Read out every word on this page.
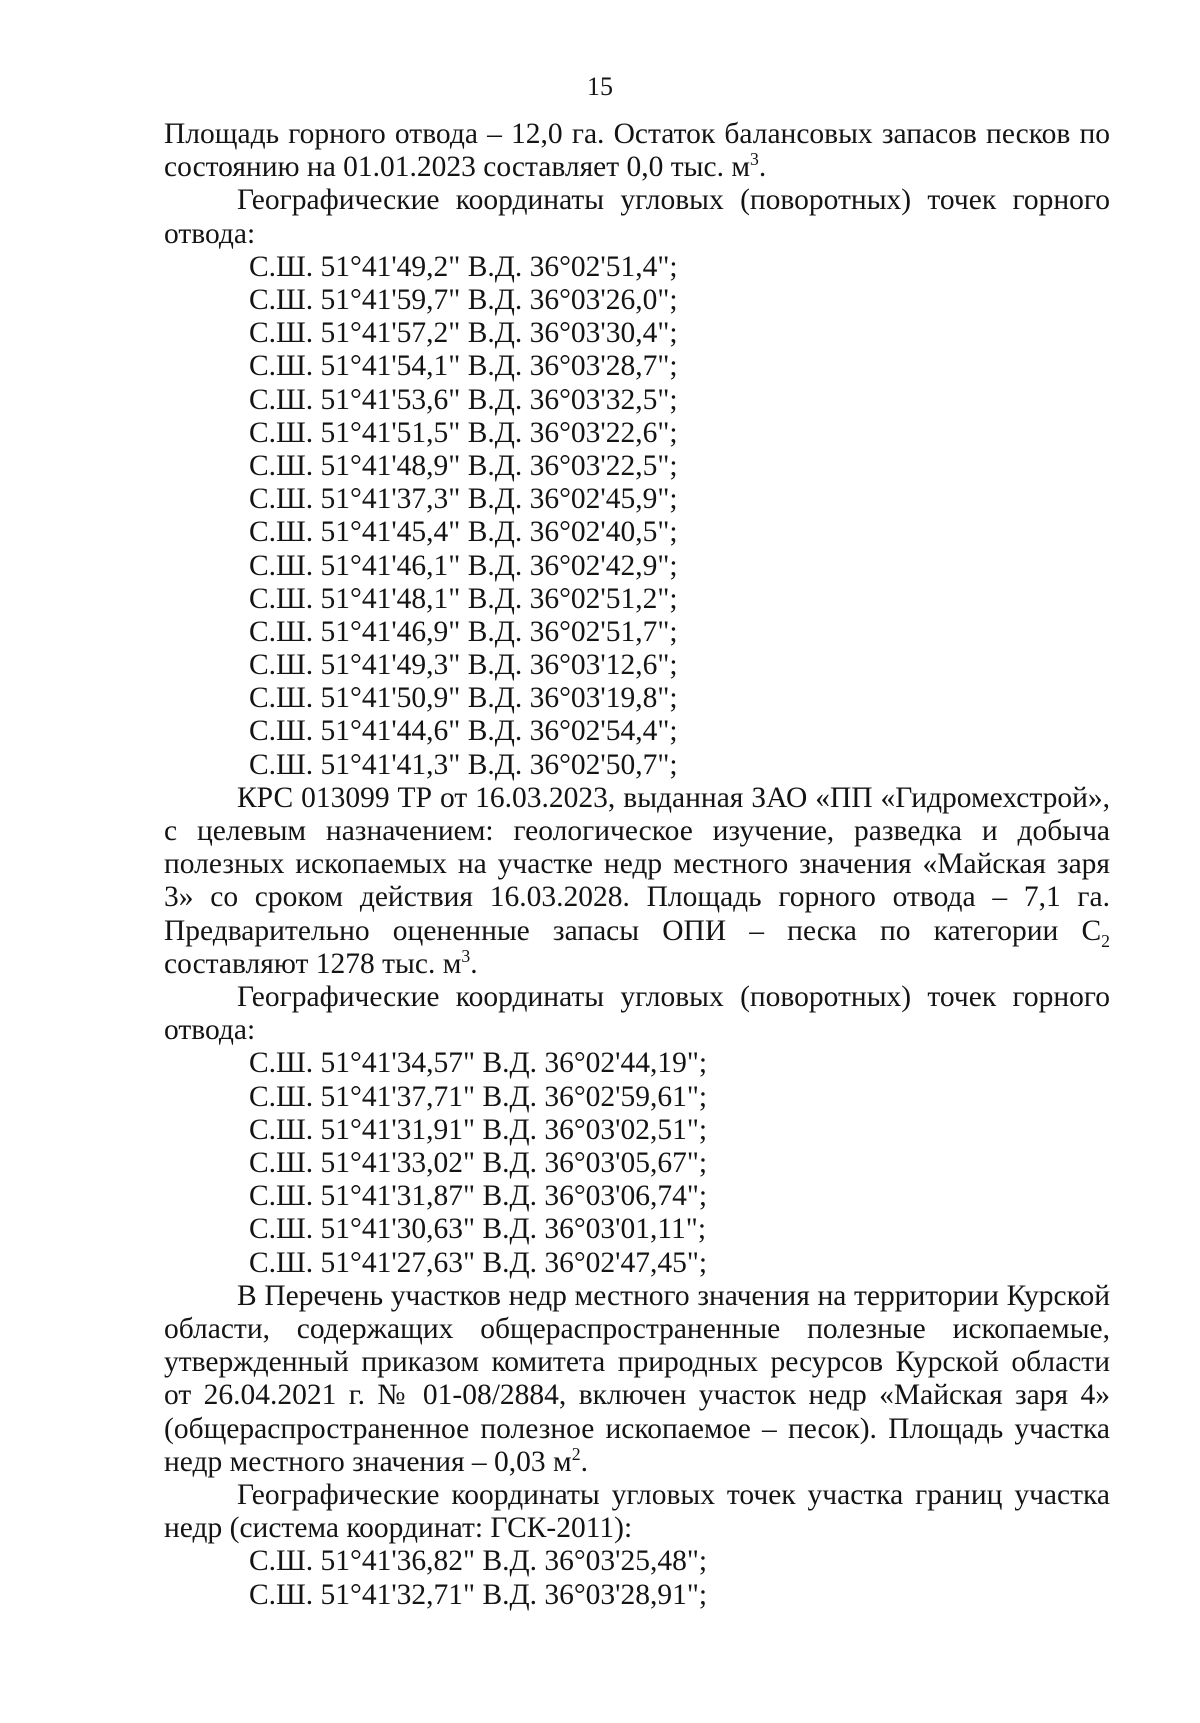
15

Площадь горного отвода – 12,0 га. Остаток балансовых запасов песков по состоянию на 01.01.2023 составляет 0,0 тыс. $м^3$.

Географические координаты угловых (поворотных) точек горного отвода:

С.Ш. 51°41'49,2" В.Д. 36°02'51,4";
С.Ш. 51°41'59,7" В.Д. 36°03'26,0";
С.Ш. 51°41'57,2" В.Д. 36°03'30,4";
С.Ш. 51°41'54,1" В.Д. 36°03'28,7";
С.Ш. 51°41'53,6" В.Д. 36°03'32,5";
С.Ш. 51°41'51,5" В.Д. 36°03'22,6";
С.Ш. 51°41'48,9" В.Д. 36°03'22,5";
С.Ш. 51°41'37,3" В.Д. 36°02'45,9";
С.Ш. 51°41'45,4" В.Д. 36°02'40,5";
С.Ш. 51°41'46,1" В.Д. 36°02'42,9";
С.Ш. 51°41'48,1" В.Д. 36°02'51,2";
С.Ш. 51°41'46,9" В.Д. 36°02'51,7";
С.Ш. 51°41'49,3" В.Д. 36°03'12,6";
С.Ш. 51°41'50,9" В.Д. 36°03'19,8";
С.Ш. 51°41'44,6" В.Д. 36°02'54,4";
С.Ш. 51°41'41,3" В.Д. 36°02'50,7";

КРС 013099 ТР от 16.03.2023, выданная ЗАО «ПП «Гидромехстрой», с целевым назначением: геологическое изучение, разведка и добыча полезных ископаемых на участке недр местного значения «Майская заря 3» со сроком действия 16.03.2028. Площадь горного отвода – 7,1 га. Предварительно оцененные запасы ОПИ – песка по категории $С_2$ составляют 1278 тыс. $м^3$.

Географические координаты угловых (поворотных) точек горного отвода:

С.Ш. 51°41'34,57" В.Д. 36°02'44,19";
С.Ш. 51°41'37,71" В.Д. 36°02'59,61";
С.Ш. 51°41'31,91" В.Д. 36°03'02,51";
С.Ш. 51°41'33,02" В.Д. 36°03'05,67";
С.Ш. 51°41'31,87" В.Д. 36°03'06,74";
С.Ш. 51°41'30,63" В.Д. 36°03'01,11";
С.Ш. 51°41'27,63" В.Д. 36°02'47,45";

В Перечень участков недр местного значения на территории Курской области, содержащих общераспространенные полезные ископаемые, утвержденный приказом комитета природных ресурсов Курской области от 26.04.2021 г. № 01-08/2884, включен участок недр «Майская заря 4» (общераспространенное полезное ископаемое – песок). Площадь участка недр местного значения – 0,03 $м^2$.

Географические координаты угловых точек участка границ участка недр (система координат: ГСК-2011):

С.Ш. 51°41'36,82" В.Д. 36°03'25,48";
С.Ш. 51°41'32,71" В.Д. 36°03'28,91";
